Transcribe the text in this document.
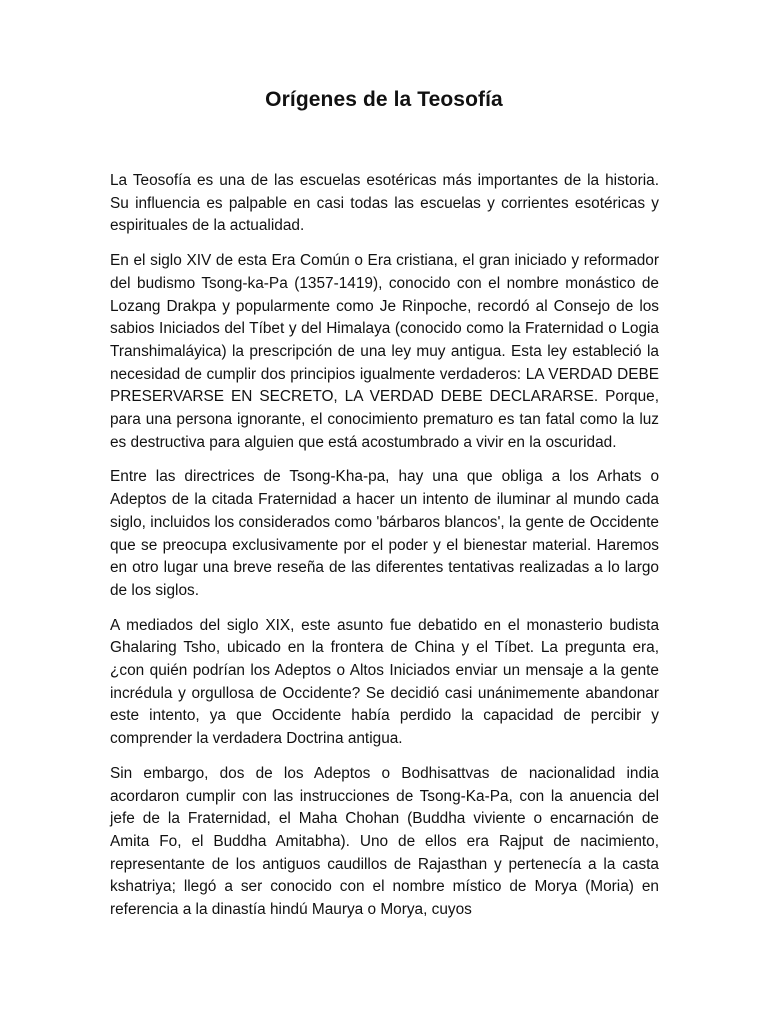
Orígenes de la Teosofía

La Teosofía es una de las escuelas esotéricas más importantes de la historia. Su influencia es palpable en casi todas las escuelas y corrientes esotéricas y espirituales de la actualidad.

En el siglo XIV de esta Era Común o Era cristiana, el gran iniciado y reformador del budismo Tsong-ka-Pa (1357-1419), conocido con el nombre monástico de Lozang Drakpa y popularmente como Je Rinpoche, recordó al Consejo de los sabios Iniciados del Tíbet y del Himalaya (conocido como la Fraternidad o Logia Transhimaláyica) la prescripción de una ley muy antigua. Esta ley estableció la necesidad de cumplir dos principios igualmente verdaderos: LA VERDAD DEBE PRESERVARSE EN SECRETO, LA VERDAD DEBE DECLARARSE. Porque, para una persona ignorante, el conocimiento prematuro es tan fatal como la luz es destructiva para alguien que está acostumbrado a vivir en la oscuridad.

Entre las directrices de Tsong-Kha-pa, hay una que obliga a los Arhats o Adeptos de la citada Fraternidad a hacer un intento de iluminar al mundo cada siglo, incluidos los considerados como 'bárbaros blancos', la gente de Occidente que se preocupa exclusivamente por el poder y el bienestar material. Haremos en otro lugar una breve reseña de las diferentes tentativas realizadas a lo largo de los siglos.

A mediados del siglo XIX, este asunto fue debatido en el monasterio budista Ghalaring Tsho, ubicado en la frontera de China y el Tíbet. La pregunta era, ¿con quién podrían los Adeptos o Altos Iniciados enviar un mensaje a la gente incrédula y orgullosa de Occidente? Se decidió casi unánimemente abandonar este intento, ya que Occidente había perdido la capacidad de percibir y comprender la verdadera Doctrina antigua.

Sin embargo, dos de los Adeptos o Bodhisattvas de nacionalidad india acordaron cumplir con las instrucciones de Tsong-Ka-Pa, con la anuencia del jefe de la Fraternidad, el Maha Chohan (Buddha viviente o encarnación de Amita Fo, el Buddha Amitabha). Uno de ellos era Rajput de nacimiento, representante de los antiguos caudillos de Rajasthan y pertenecía a la casta kshatriya; llegó a ser conocido con el nombre místico de Morya (Moria) en referencia a la dinastía hindú Maurya o Morya, cuyos
